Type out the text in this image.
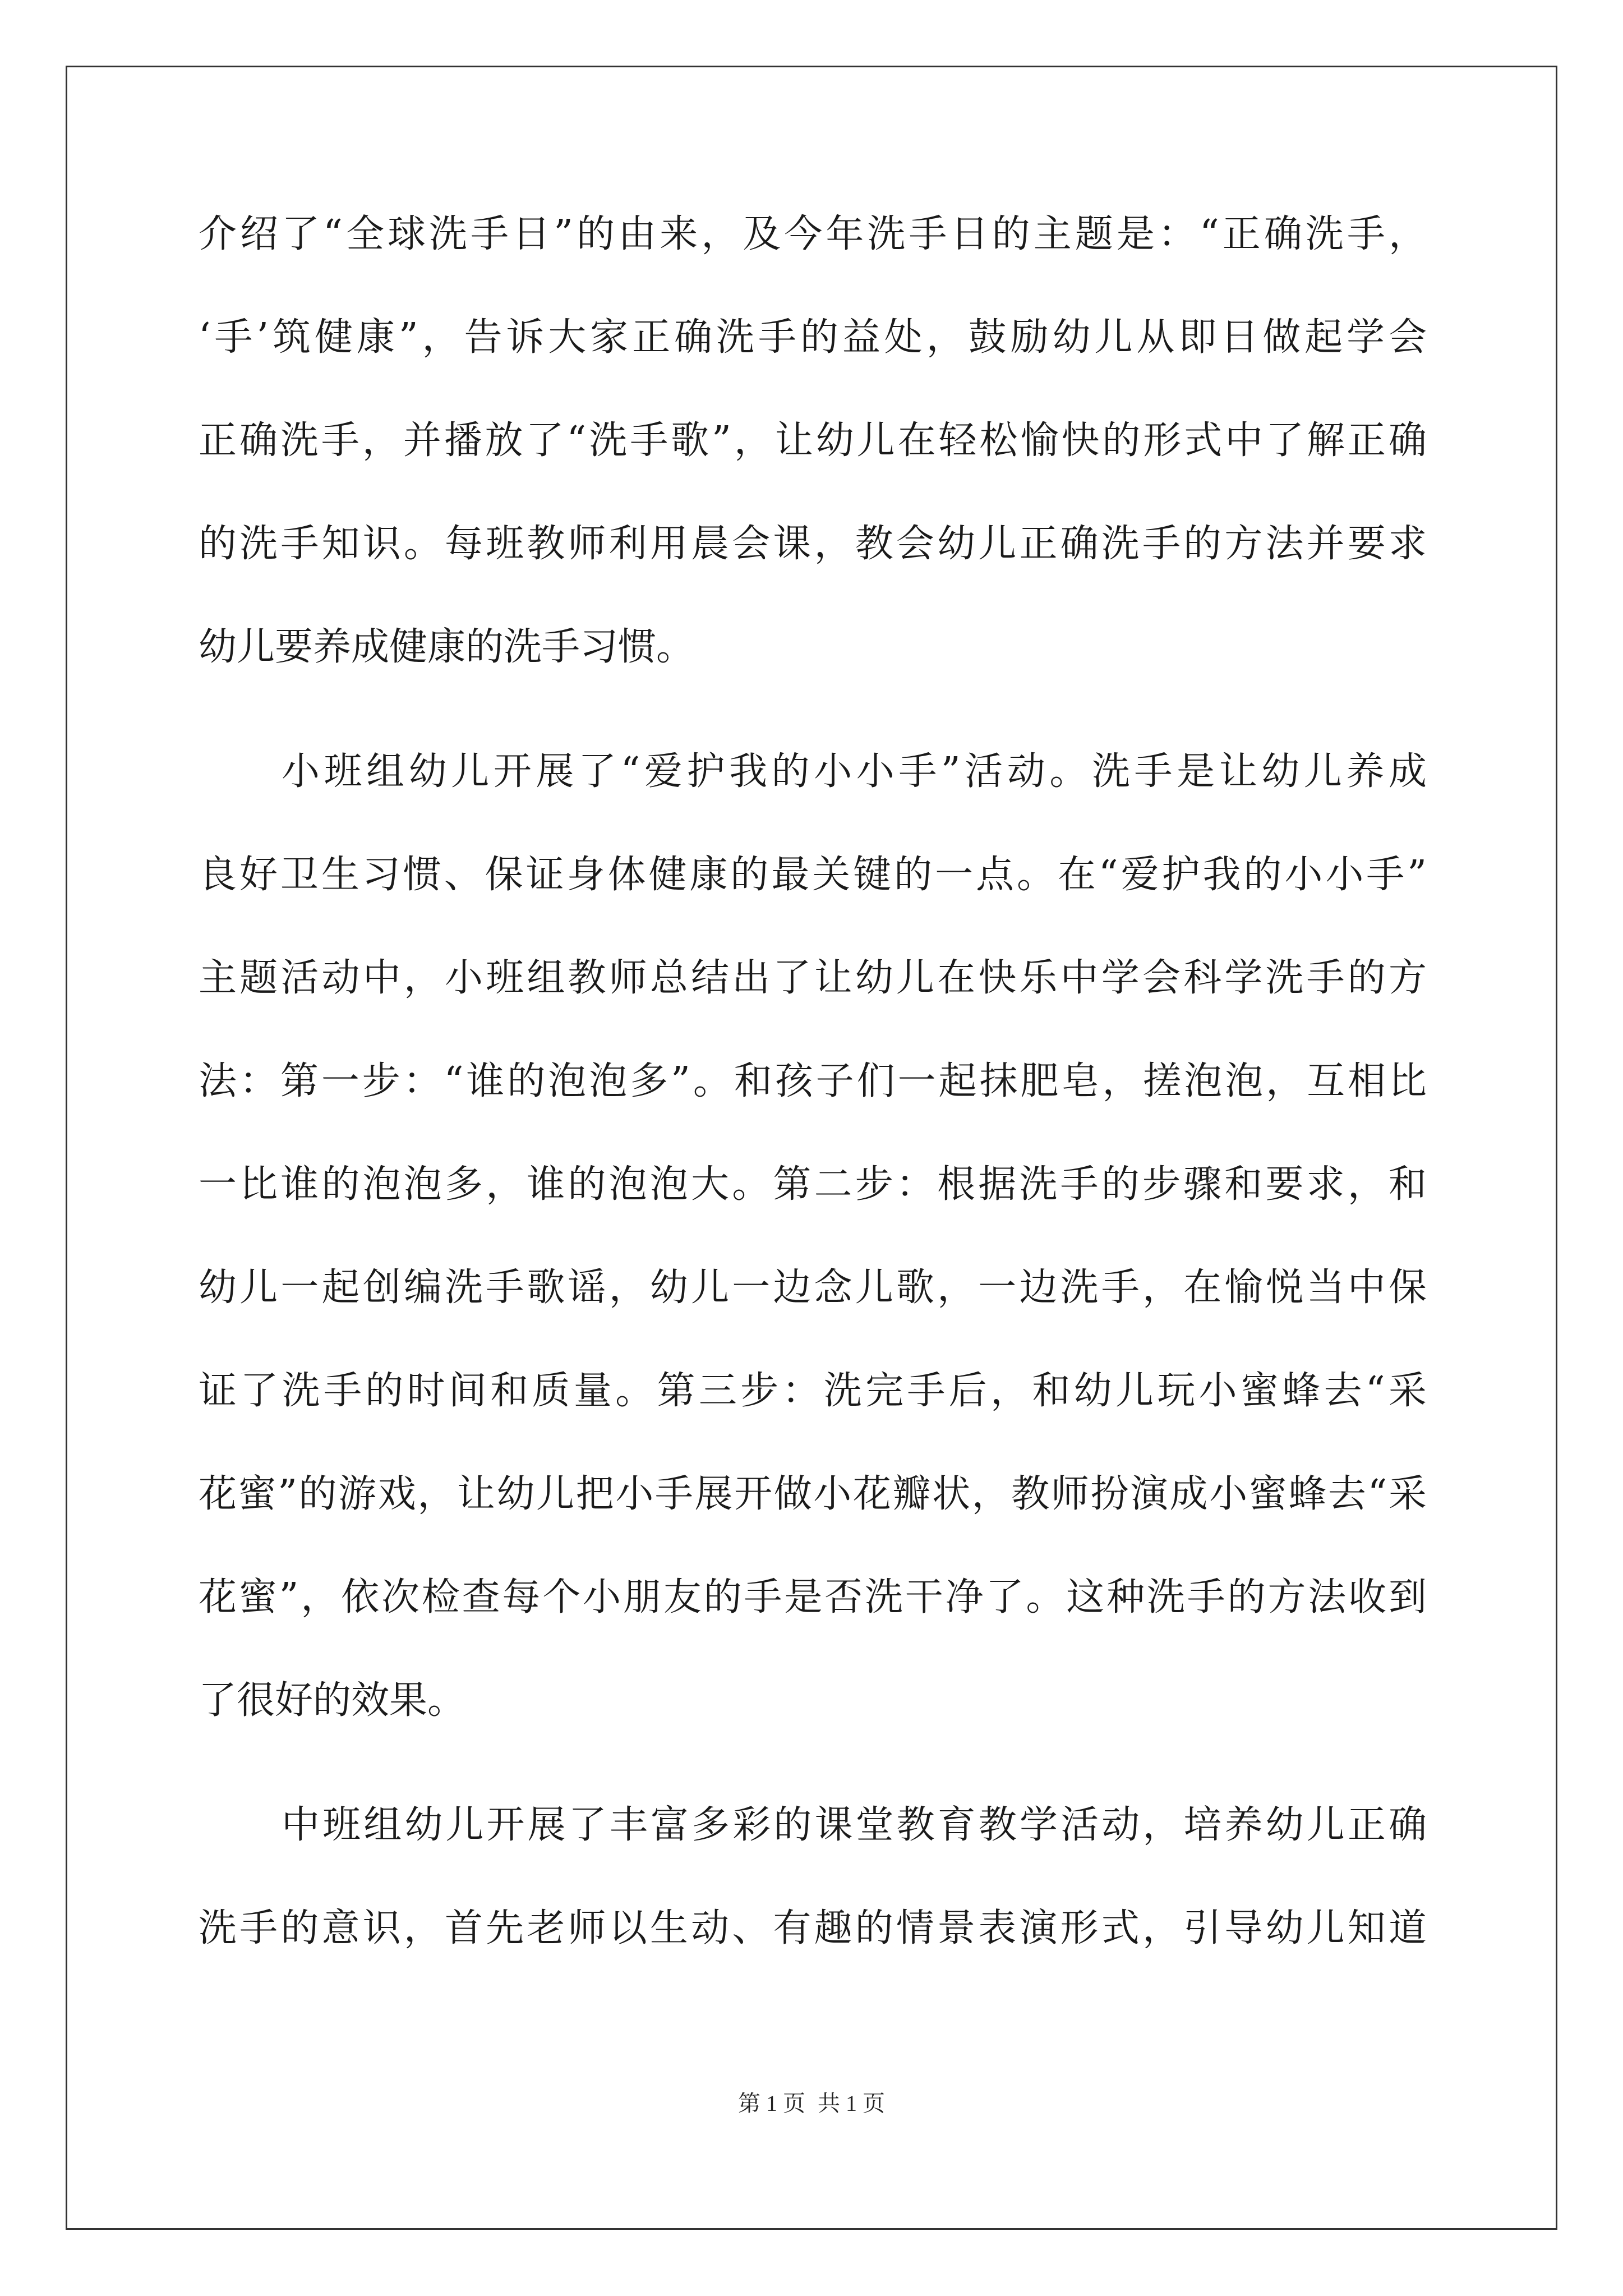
介绍了“全球洗手日”的由来，及今年洗手日的主题是：“正确洗手，
‘手’筑健康”，告诉大家正确洗手的益处，鼓励幼儿从即日做起学会
正确洗手，并播放了“洗手歌”，让幼儿在轻松愉快的形式中了解正确
的洗手知识。每班教师利用晨会课，教会幼儿正确洗手的方法并要求
幼儿要养成健康的洗手习惯。
小班组幼儿开展了“爱护我的小小手”活动。洗手是让幼儿养成
良好卫生习惯、保证身体健康的最关键的一点。在“爱护我的小小手”
主题活动中，小班组教师总结出了让幼儿在快乐中学会科学洗手的方
法：第一步：“谁的泡泡多”。和孩子们一起抹肥皂，搓泡泡，互相比
一比谁的泡泡多，谁的泡泡大。第二步：根据洗手的步骤和要求，和
幼儿一起创编洗手歌谣，幼儿一边念儿歌，一边洗手，在愉悦当中保
证了洗手的时间和质量。第三步：洗完手后，和幼儿玩小蜜蜂去“采
花蜜”的游戏，让幼儿把小手展开做小花瓣状，教师扮演成小蜜蜂去“采
花蜜”，依次检查每个小朋友的手是否洗干净了。这种洗手的方法收到
了很好的效果。
中班组幼儿开展了丰富多彩的课堂教育教学活动，培养幼儿正确
洗手的意识，首先老师以生动、有趣的情景表演形式，引导幼儿知道
第 1 页 共 1 页
